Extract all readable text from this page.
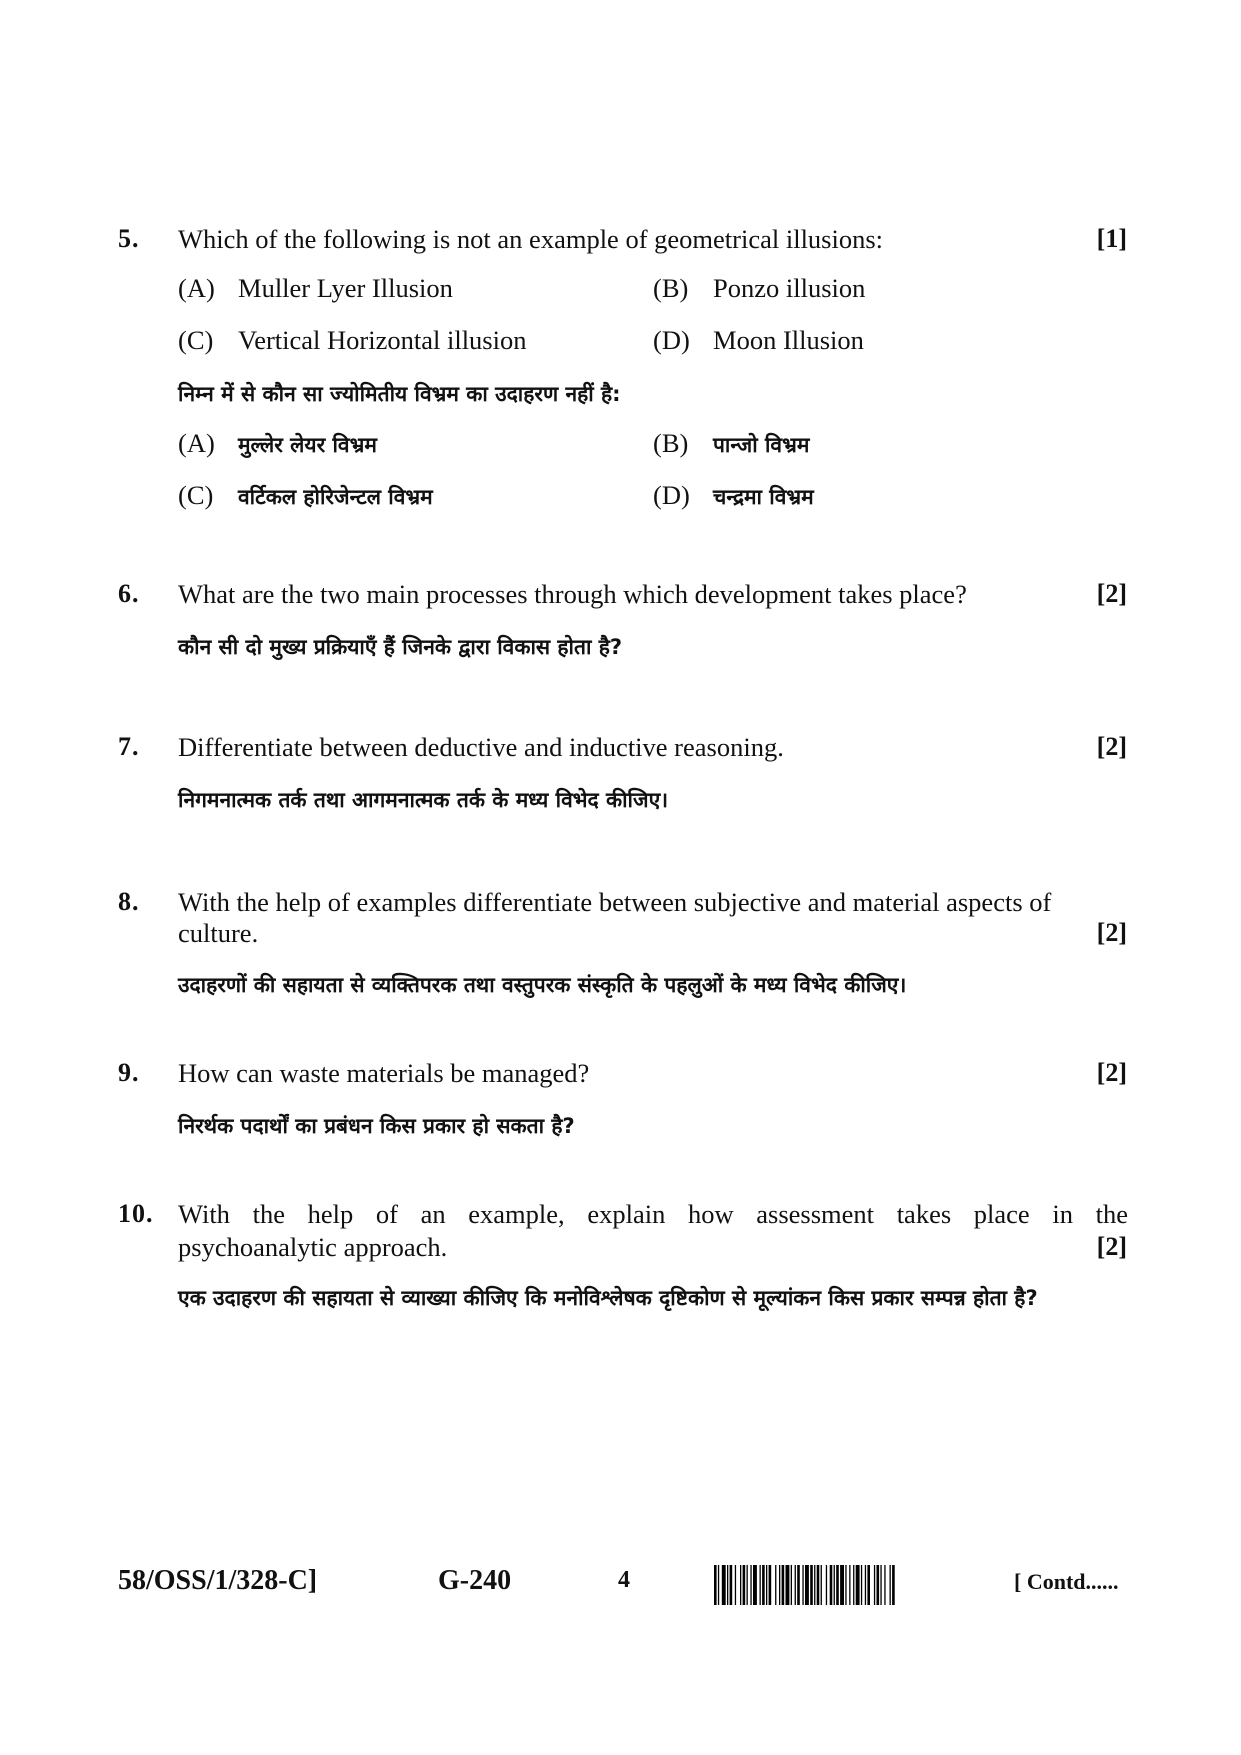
5. Which of the following is not an example of geometrical illusions:	[1]
(A) Muller Lyer Illusion	(B) Ponzo illusion
(C) Vertical Horizontal illusion	(D) Moon Illusion
निम्न में से कौन सा ज्योमितीय विभ्रम का उदाहरण नहीं है:
(A) मुल्लेर लेयर विभ्रम	(B) पान्जो विभ्रम
(C) वर्टिकल होरिजेन्टल विभ्रम	(D) चन्द्रमा विभ्रम
6. What are the two main processes through which development takes place?	[2]
कौन सी दो मुख्य प्रक्रियाएँ हैं जिनके द्वारा विकास होता है?
7. Differentiate between deductive and inductive reasoning.	[2]
निगमनात्मक तर्क तथा आगमनात्मक तर्क के मध्य विभेद कीजिए।
8. With the help of examples differentiate between subjective and material aspects of
culture.	[2]
उदाहरणों की सहायता से व्यक्तिपरक तथा वस्तुपरक संस्कृति के पहलुओं के मध्य विभेद कीजिए।
9. How can waste materials be managed?	[2]
निरर्थक पदार्थों का प्रबंधन किस प्रकार हो सकता है?
10. With the help of an example, explain how assessment takes place in the
psychoanalytic approach.	[2]
एक उदाहरण की सहायता से व्याख्या कीजिए कि मनोविश्लेषक दृष्टिकोण से मूल्यांकन किस प्रकार सम्पन्न होता है?
58/OSS/1/328-C]	G-240	4	[ Contd......
